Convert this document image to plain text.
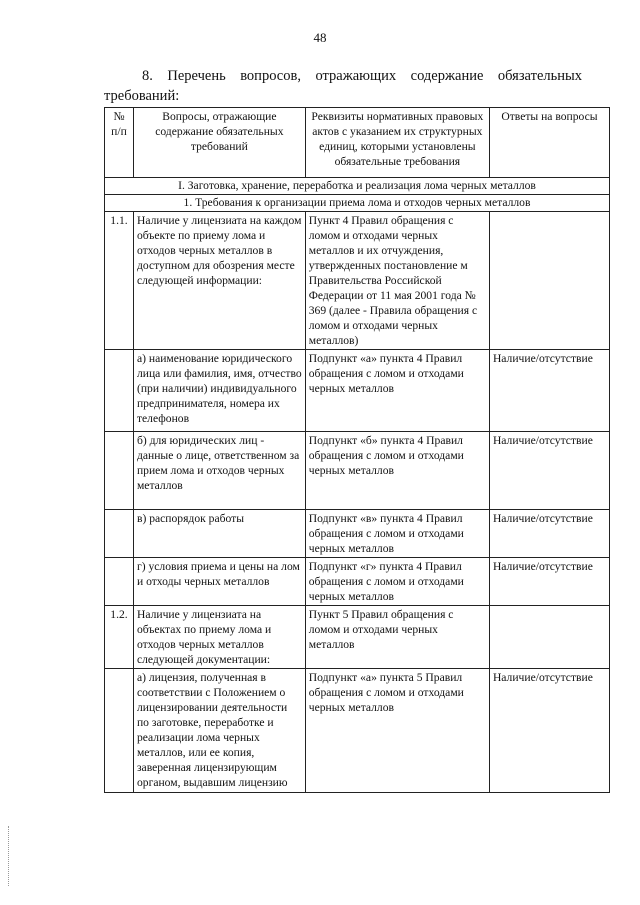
48
8. Перечень вопросов, отражающих содержание обязательных
требований:
№ п/п	Вопросы, отражающие содержание обязательных требований	Реквизиты нормативных правовых актов с указанием их структурных единиц, которыми установлены обязательные требования	Ответы на вопросы
I. Заготовка, хранение, переработка и реализация лома черных металлов			
1. Требования к организации приема лома и отходов черных металлов			
1.1.	Наличие у лицензиата на каждом объекте по приему лома и отходов черных металлов в доступном для обозрения месте следующей информации:	Пункт 4 Правил обращения с ломом и отходами черных металлов и их отчуждения, утвержденных постановление м Правительства Российской Федерации от 11 мая 2001 года № 369 (далее - Правила обращения с ломом и отходами черных металлов)	
	а) наименование юридического лица или фамилия, имя, отчество (при наличии) индивидуального предпринимателя, номера их телефонов	Подпункт «а» пункта 4 Правил обращения с ломом и отходами черных металлов	Наличие/отсутствие
	б) для юридических лиц - данные о лице, ответственном за прием лома и отходов черных металлов	Подпункт «б» пункта 4 Правил обращения с ломом и отходами черных металлов	Наличие/отсутствие
	в) распорядок работы	Подпункт «в» пункта 4 Правил обращения с ломом и отходами черных металлов	Наличие/отсутствие
	г) условия приема и цены на лом и отходы черных металлов	Подпункт «г» пункта 4 Правил обращения с ломом и отходами черных металлов	Наличие/отсутствие
1.2.	Наличие у лицензиата на объектах по приему лома и отходов черных металлов следующей документации:	Пункт 5 Правил обращения с ломом и отходами черных металлов	
	а) лицензия, полученная в соответствии с Положением о лицензировании деятельности по заготовке, переработке и реализации лома черных металлов, или ее копия, заверенная лицензирующим органом, выдавшим лицензию	Подпункт «а» пункта 5 Правил обращения с ломом и отходами черных металлов	Наличие/отсутствие
